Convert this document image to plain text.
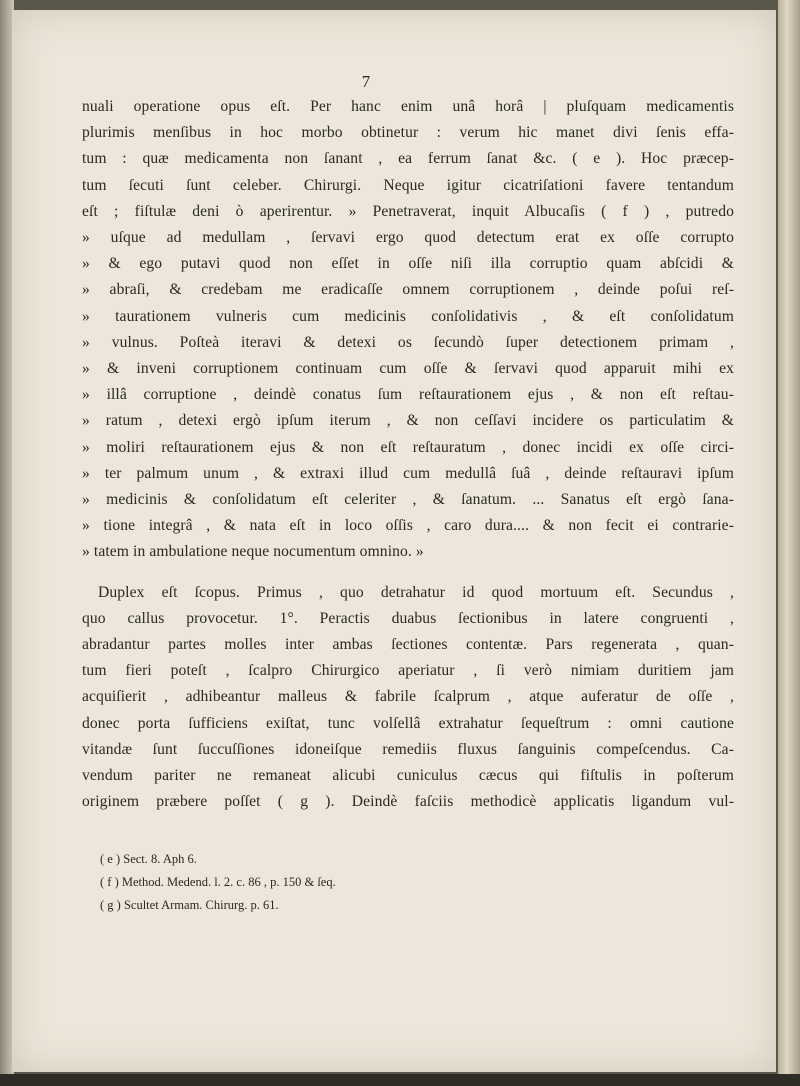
7
nuali operatione opus eſt. Per hanc enim unâ horâ | pluſquam medicamentis
plurimis menſibus in hoc morbo obtinetur : verum hic manet divi ſenis effa-
tum : quæ medicamenta non ſanant , ea ferrum ſanat &c. ( e ). Hoc præcep-
tum ſecuti ſunt celeber. Chirurgi. Neque igitur cicatriſationi favere tentandum
eſt ; fiſtulæ deni ò aperirentur. » Penetraverat, inquit Albucaſis ( f ) , putredo
» uſque ad medullam , ſervavi ergo quod detectum erat ex oſſe corrupto
» & ego putavi quod non eſſet in oſſe niſi illa corruptio quam abſcidi &
» abraſi, & credebam me eradicaſſe omnem corruptionem , deinde poſui reſ-
» taurationem vulneris cum medicinis conſolidativis , & eſt conſolidatum
» vulnus. Poſteà iteravi & detexi os ſecundò ſuper detectionem primam ,
» & inveni corruptionem continuam cum oſſe & ſervavi quod apparuit mihi ex
» illâ corruptione , deindè conatus ſum reſtaurationem ejus , & non eſt reſtau-
» ratum , detexi ergò ipſum iterum , & non ceſſavi incidere os particulatim &
» moliri reſtaurationem ejus & non eſt reſtauratum , donec incidi ex oſſe circi-
» ter palmum unum , & extraxi illud cum medullâ ſuâ , deinde reſtauravi ipſum
» medicinis & conſolidatum eſt celeriter , & ſanatum. ... Sanatus eſt ergò ſana-
» tione integrâ , & nata eſt in loco oſſis , caro dura.... & non fecit ei contrarie-
» tatem in ambulatione neque nocumentum omnino. »
Duplex eſt ſcopus. Primus , quo detrahatur id quod mortuum eſt. Secundus ,
quo callus provocetur. 1°. Peractis duabus ſectionibus in latere congruenti ,
abradantur partes molles inter ambas ſectiones contentæ. Pars regenerata , quan-
tum fieri poteſt , ſcalpro Chirurgico aperiatur , ſi verò nimiam duritiem jam
acquiſierit , adhibeantur malleus & fabrile ſcalprum , atque auferatur de oſſe ,
donec porta ſufficiens exiſtat, tunc volſellâ extrahatur ſequeſtrum : omni cautione
vitandæ ſunt ſuccuſſiones idoneiſque remediis fluxus ſanguinis compeſcendus. Ca-
vendum pariter ne remaneat alicubi cuniculus cæcus qui fiſtulis in poſterum
originem præbere poſſet ( g ). Deindè faſciis methodicè applicatis ligandum vul-
( e ) Sect. 8. Aph 6.
( f ) Method. Medend. l. 2. c. 86 , p. 150 & ſeq.
( g ) Scultet Armam. Chirurg. p. 61.
